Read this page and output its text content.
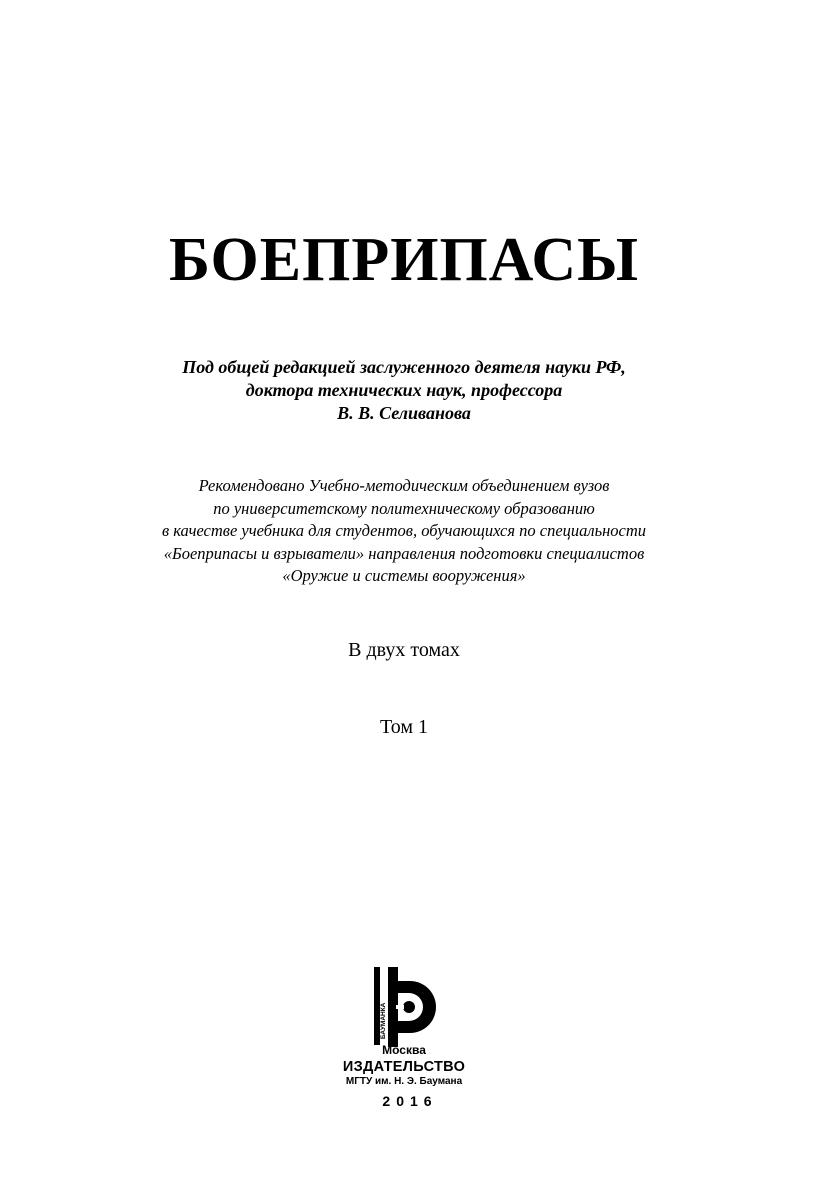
БОЕПРИПАСЫ
Под общей редакцией заслуженного деятеля науки РФ,
доктора технических наук, профессора
В. В. Селиванова
Рекомендовано Учебно-методическим объединением вузов
по университетскому политехническому образованию
в качестве учебника для студентов, обучающихся по специальности
«Боеприпасы и взрыватели» направления подготовки специалистов
«Оружие и системы вооружения»
В двух томах
Том 1
БАУМАНКА
Москва
ИЗДАТЕЛЬСТВО
МГТУ им. Н. Э. Баумана
2016
